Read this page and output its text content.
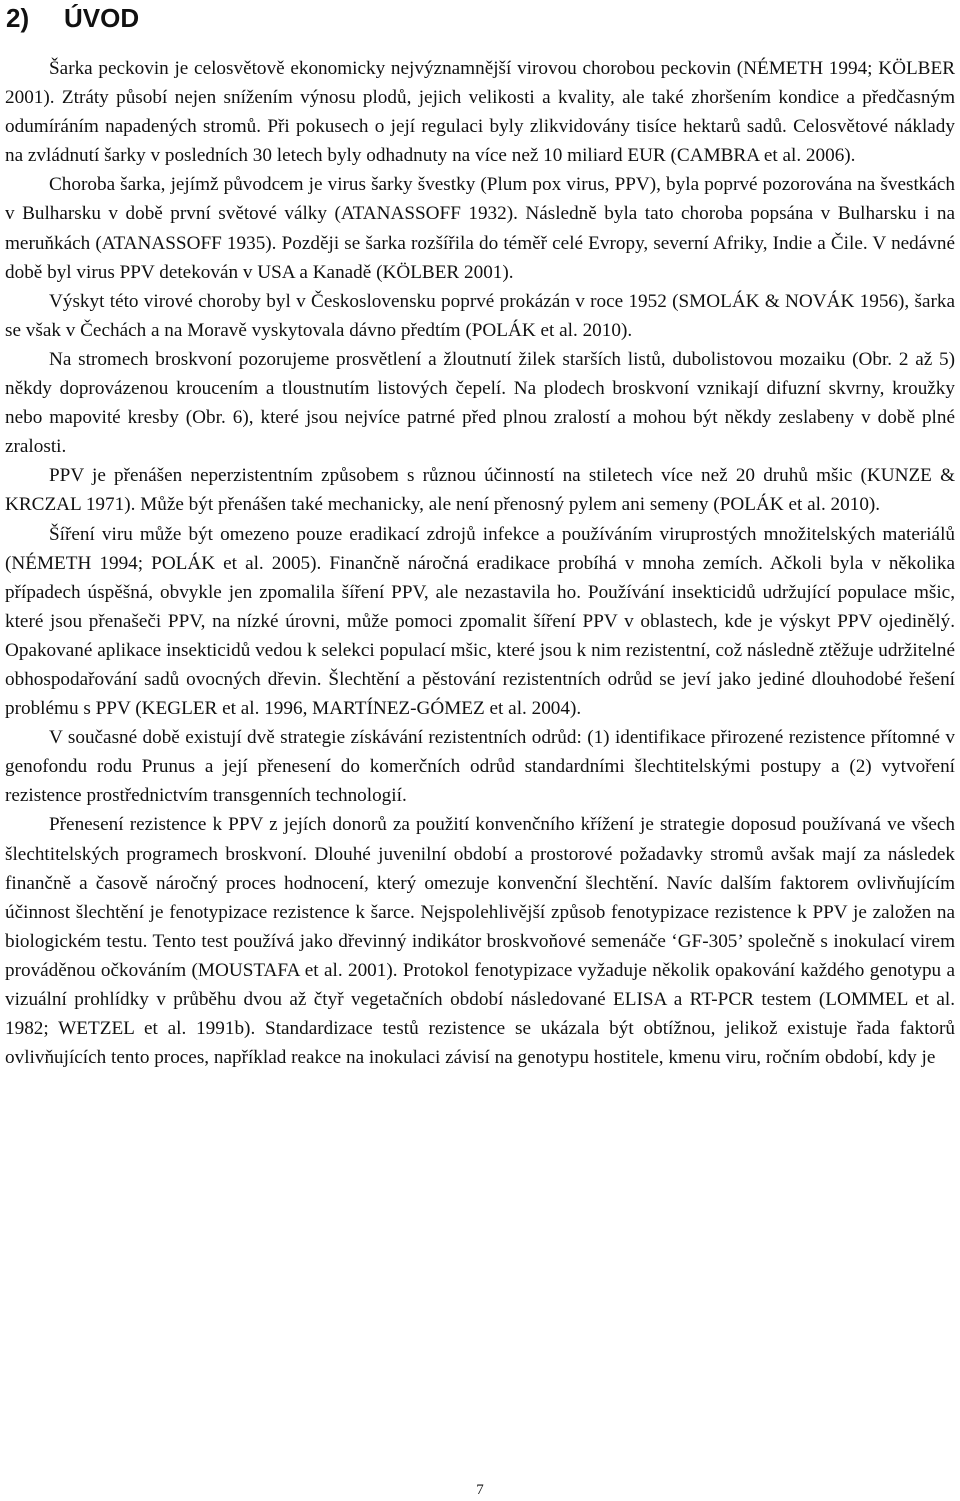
2) ÚVOD

Šarka peckovin je celosvětově ekonomicky nejvýznamnější virovou chorobou peckovin (NÉMETH 1994; KÖLBER 2001). Ztráty působí nejen snížením výnosu plodů, jejich velikosti a kvality, ale také zhoršením kondice a předčasným odumíráním napadených stromů. Při pokusech o její regulaci byly zlikvidovány tisíce hektarů sadů. Celosvětové náklady na zvládnutí šarky v posledních 30 letech byly odhadnuty na více než 10 miliard EUR (CAMBRA et al. 2006).

Choroba šarka, jejímž původcem je virus šarky švestky (Plum pox virus, PPV), byla poprvé pozorována na švestkách v Bulharsku v době první světové války (ATANASSOFF 1932). Následně byla tato choroba popsána v Bulharsku i na meruňkách (ATANASSOFF 1935). Později se šarka rozšířila do téměř celé Evropy, severní Afriky, Indie a Čile. V nedávné době byl virus PPV detekován v USA a Kanadě (KÖLBER 2001).

Výskyt této virové choroby byl v Československu poprvé prokázán v roce 1952 (SMOLÁK & NOVÁK 1956), šarka se však v Čechách a na Moravě vyskytovala dávno předtím (POLÁK et al. 2010).

Na stromech broskvoní pozorujeme prosvětlení a žloutnutí žilek starších listů, dubolistovou mozaiku (Obr. 2 až 5) někdy doprovázenou kroucením a tloustnutím listových čepelí. Na plodech broskvoní vznikají difuzní skvrny, kroužky nebo mapovité kresby (Obr. 6), které jsou nejvíce patrné před plnou zralostí a mohou být někdy zeslabeny v době plné zralosti.

PPV je přenášen neperzistentním způsobem s různou účinností na stiletech více než 20 druhů mšic (KUNZE & KRCZAL 1971). Může být přenášen také mechanicky, ale není přenosný pylem ani semeny (POLÁK et al. 2010).

Šíření viru může být omezeno pouze eradikací zdrojů infekce a používáním viruprostých množitelských materiálů (NÉMETH 1994; POLÁK et al. 2005). Finančně náročná eradikace probíhá v mnoha zemích. Ačkoli byla v několika případech úspěšná, obvykle jen zpomalila šíření PPV, ale nezastavila ho. Používání insekticidů udržující populace mšic, které jsou přenašeči PPV, na nízké úrovni, může pomoci zpomalit šíření PPV v oblastech, kde je výskyt PPV ojedinělý. Opakované aplikace insekticidů vedou k selekci populací mšic, které jsou k nim rezistentní, což následně ztěžuje udržitelné obhospodařování sadů ovocných dřevin. Šlechtění a pěstování rezistentních odrůd se jeví jako jediné dlouhodobé řešení problému s PPV (KEGLER et al. 1996, MARTÍNEZ-GÓMEZ et al. 2004).

V současné době existují dvě strategie získávání rezistentních odrůd: (1) identifikace přirozené rezistence přítomné v genofondu rodu Prunus a její přenesení do komerčních odrůd standardními šlechtitelskými postupy a (2) vytvoření rezistence prostřednictvím transgenních technologií.

Přenesení rezistence k PPV z jejích donorů za použití konvenčního křížení je strategie doposud používaná ve všech šlechtitelských programech broskvoní. Dlouhé juvenilní období a prostorové požadavky stromů avšak mají za následek finančně a časově náročný proces hodnocení, který omezuje konvenční šlechtění. Navíc dalším faktorem ovlivňujícím účinnost šlechtění je fenotypizace rezistence k šarce. Nejspolehlivější způsob fenotypizace rezistence k PPV je založen na biologickém testu. Tento test používá jako dřevinný indikátor broskvoňové semenáče ‘GF-305’ společně s inokulací virem prováděnou očkováním (MOUSTAFA et al. 2001). Protokol fenotypizace vyžaduje několik opakování každého genotypu a vizuální prohlídky v průběhu dvou až čtyř vegetačních období následované ELISA a RT-PCR testem (LOMMEL et al. 1982; WETZEL et al. 1991b). Standardizace testů rezistence se ukázala být obtížnou, jelikož existuje řada faktorů ovlivňujících tento proces, například reakce na inokulaci závisí na genotypu hostitele, kmenu viru, ročním období, kdy je

7
